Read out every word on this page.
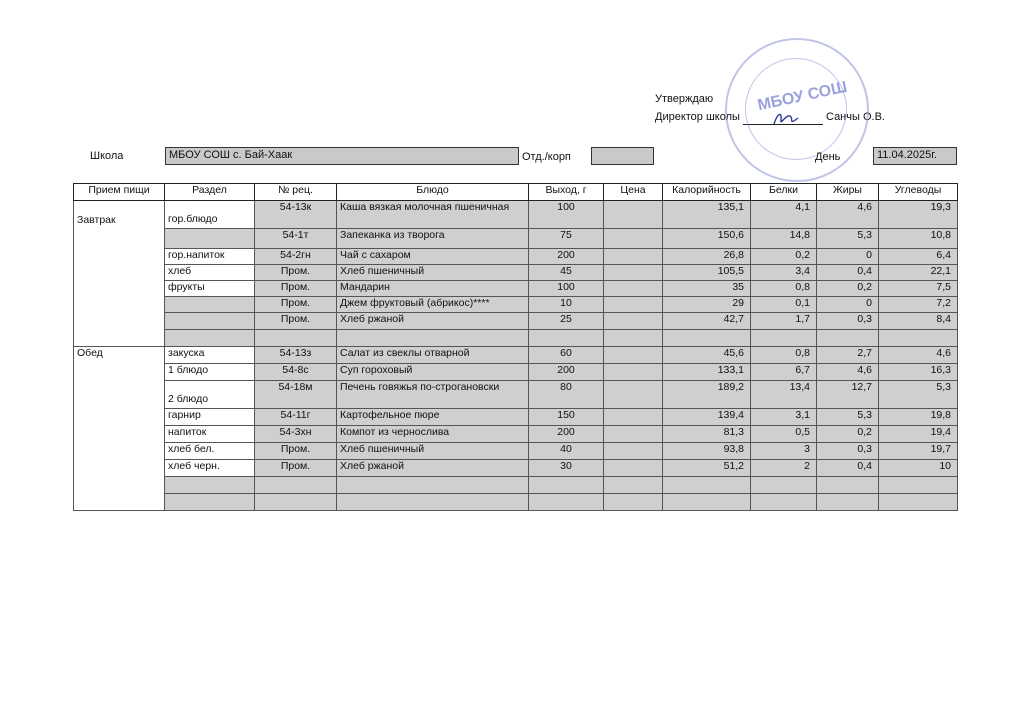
Утверждаю
Директор школы	Санчы О.В.
МБОУ СОШ
Школа	МБОУ СОШ с. Бай-Хаак	Отд./корп	День	11.04.2025г.
Прием пищи	Раздел	№ рец.	Блюдо	Выход, г	Цена	Калорийность	Белки	Жиры	Углеводы
Завтрак	гор.блюдо	54-13к	Каша вязкая молочная пшеничная	100		135,1	4,1	4,6	19,3
		54-1т	Запеканка из творога	75		150,6	14,8	5,3	10,8
	гор.напиток	54-2гн	Чай с сахаром	200		26,8	0,2	0	6,4
	хлеб	Пром.	Хлеб пшеничный	45		105,5	3,4	0,4	22,1
	фрукты	Пром.	Мандарин	100		35	0,8	0,2	7,5
		Пром.	Джем фруктовый (абрикос)****	10		29	0,1	0	7,2
		Пром.	Хлеб ржаной	25		42,7	1,7	0,3	8,4

Обед	закуска	54-13з	Салат из свеклы отварной	60		45,6	0,8	2,7	4,6
	1 блюдо	54-8с	Суп гороховый	200		133,1	6,7	4,6	16,3
	2 блюдо	54-18м	Печень говяжья по-строгановски	80		189,2	13,4	12,7	5,3
	гарнир	54-11г	Картофельное пюре	150		139,4	3,1	5,3	19,8
	напиток	54-3хн	Компот из чернослива	200		81,3	0,5	0,2	19,4
	хлеб бел.	Пром.	Хлеб пшеничный	40		93,8	3	0,3	19,7
	хлеб черн.	Пром.	Хлеб ржаной	30		51,2	2	0,4	10
